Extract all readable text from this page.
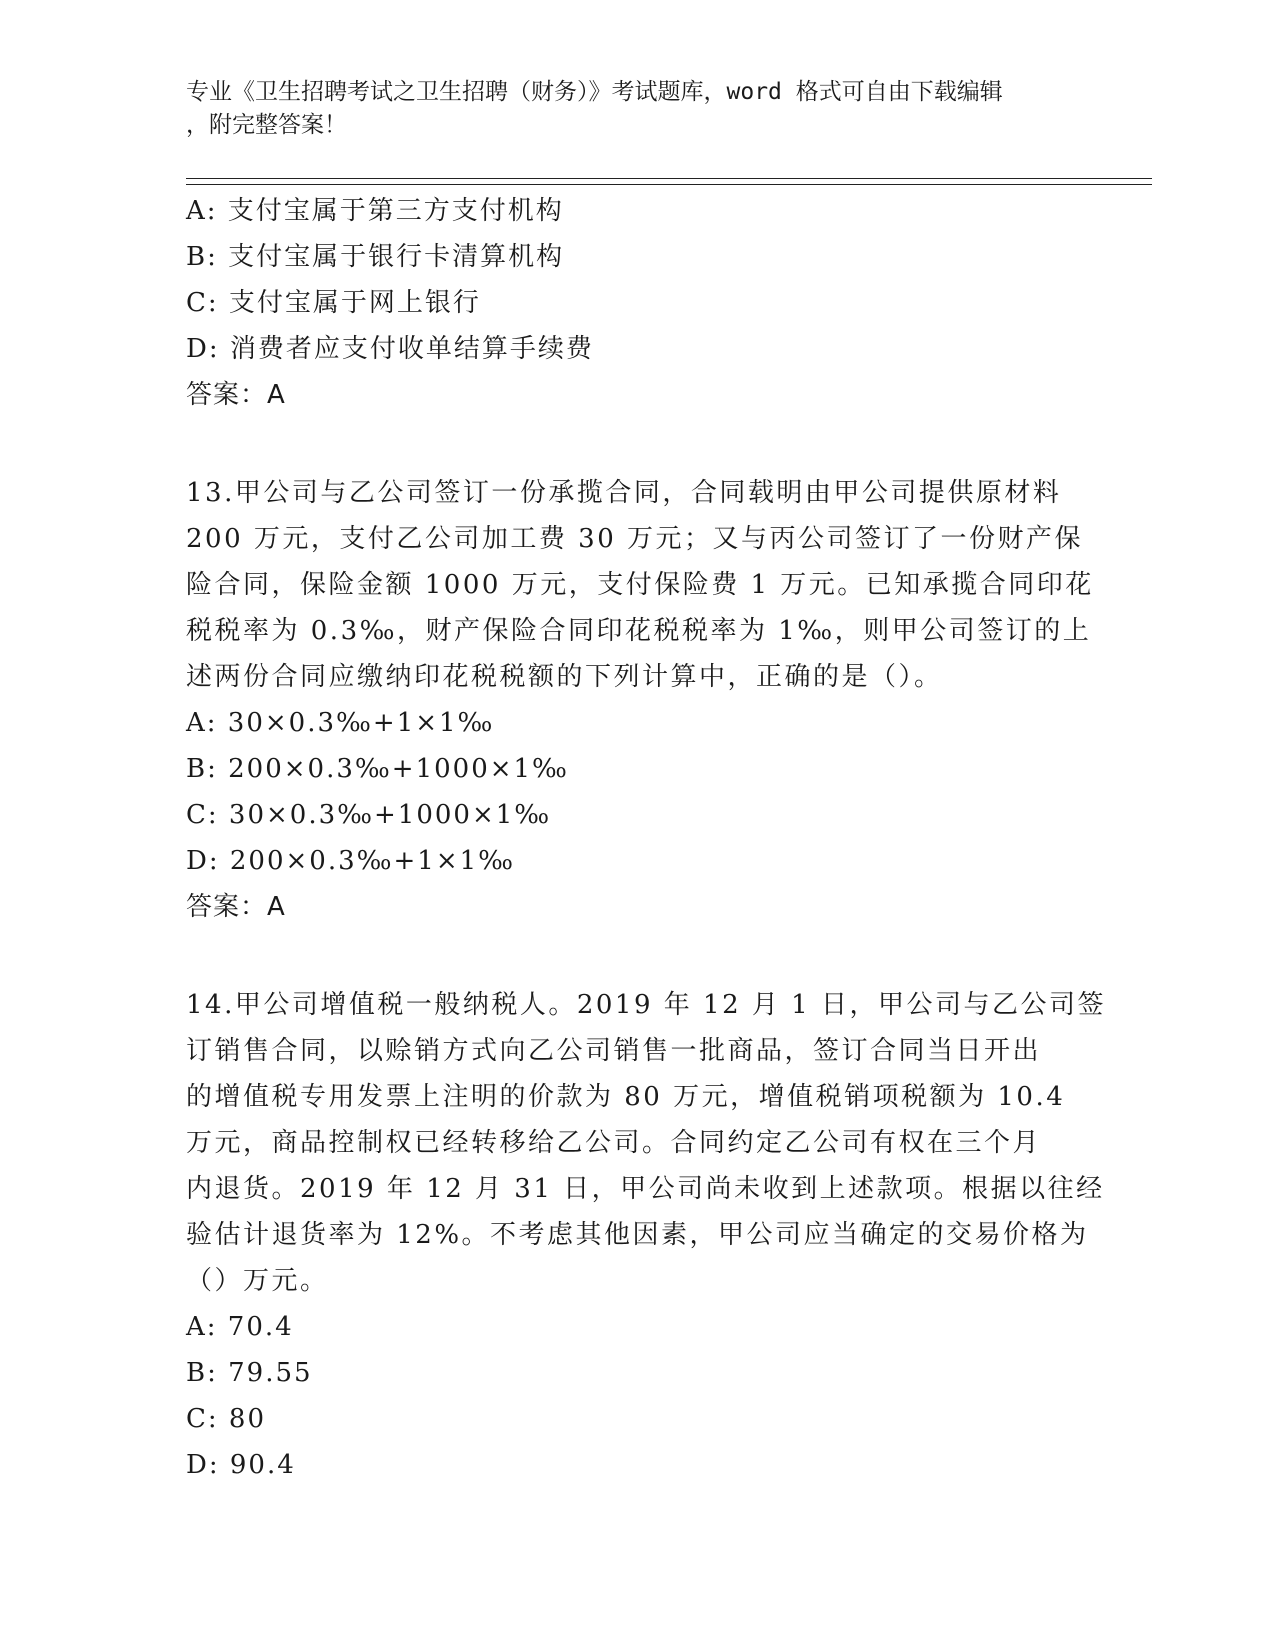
专业《卫生招聘考试之卫生招聘（财务）》考试题库，word 格式可自由下载编辑
，附完整答案！
A: 支付宝属于第三方支付机构
B: 支付宝属于银行卡清算机构
C: 支付宝属于网上银行
D: 消费者应支付收单结算手续费
答案：A
13.甲公司与乙公司签订一份承揽合同，合同载明由甲公司提供原材料
200 万元，支付乙公司加工费 30 万元；又与丙公司签订了一份财产保
险合同，保险金额 1000 万元，支付保险费 1 万元。已知承揽合同印花
税税率为 0.3‰，财产保险合同印花税税率为 1‰，则甲公司签订的上
述两份合同应缴纳印花税税额的下列计算中，正确的是（）。
A: 30×0.3‰+1×1‰
B: 200×0.3‰+1000×1‰
C: 30×0.3‰+1000×1‰
D: 200×0.3‰+1×1‰
答案：A
14.甲公司增值税一般纳税人。2019 年 12 月 1 日，甲公司与乙公司签
订销售合同，以赊销方式向乙公司销售一批商品，签订合同当日开出
的增值税专用发票上注明的价款为 80 万元，增值税销项税额为 10.4
万元，商品控制权已经转移给乙公司。合同约定乙公司有权在三个月
内退货。2019 年 12 月 31 日，甲公司尚未收到上述款项。根据以往经
验估计退货率为 12%。不考虑其他因素，甲公司应当确定的交易价格为
（）万元。
A: 70.4
B: 79.55
C: 80
D: 90.4
